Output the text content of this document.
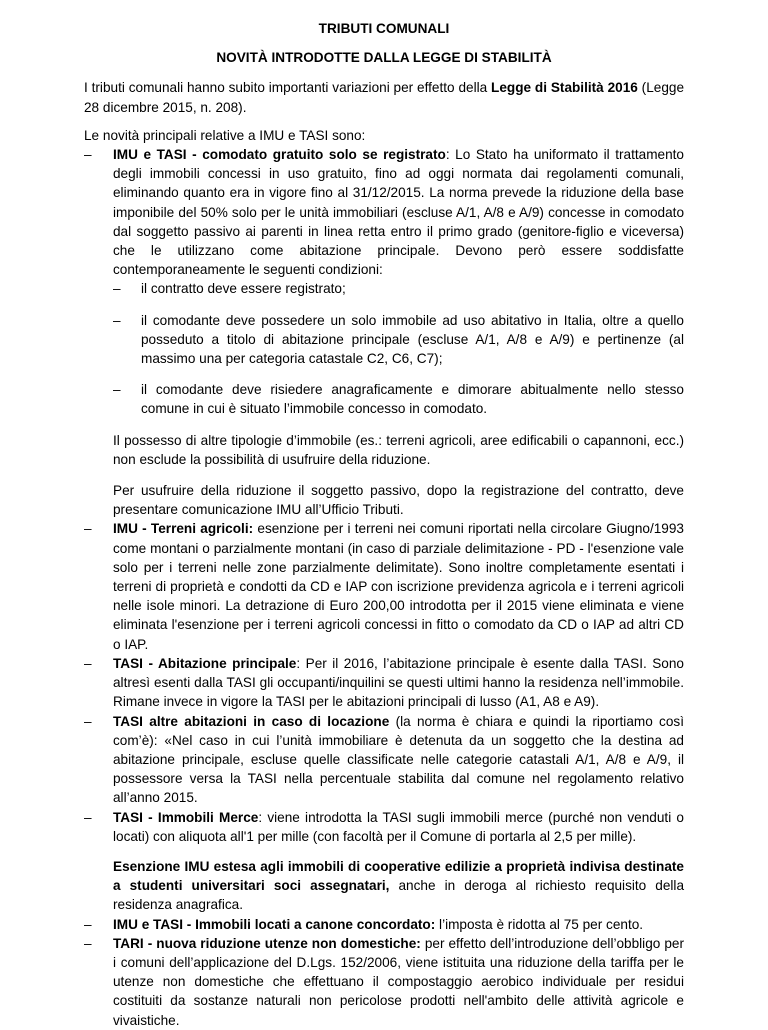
TRIBUTI COMUNALI

NOVITÀ INTRODOTTE DALLA LEGGE DI STABILITÀ

I tributi comunali hanno subito importanti variazioni per effetto della Legge di Stabilità 2016 (Legge 28 dicembre 2015, n. 208).

Le novità principali relative a IMU e TASI sono:

– IMU e TASI - comodato gratuito solo se registrato: Lo Stato ha uniformato il trattamento degli immobili concessi in uso gratuito, fino ad oggi normata dai regolamenti comunali, eliminando quanto era in vigore fino al 31/12/2015. La norma prevede la riduzione della base imponibile del 50% solo per le unità immobiliari (escluse A/1, A/8 e A/9) concesse in comodato dal soggetto passivo ai parenti in linea retta entro il primo grado (genitore-figlio e viceversa) che le utilizzano come abitazione principale. Devono però essere soddisfatte contemporaneamente le seguenti condizioni:
– il contratto deve essere registrato;
– il comodante deve possedere un solo immobile ad uso abitativo in Italia, oltre a quello posseduto a titolo di abitazione principale (escluse A/1, A/8 e A/9) e pertinenze (al massimo una per categoria catastale C2, C6, C7);
– il comodante deve risiedere anagraficamente e dimorare abitualmente nello stesso comune in cui è situato l’immobile concesso in comodato.

Il possesso di altre tipologie d’immobile (es.: terreni agricoli, aree edificabili o capannoni, ecc.) non esclude la possibilità di usufruire della riduzione.

Per usufruire della riduzione il soggetto passivo, dopo la registrazione del contratto, deve presentare comunicazione IMU all’Ufficio Tributi.

– IMU - Terreni agricoli: esenzione per i terreni nei comuni riportati nella circolare Giugno/1993 come montani o parzialmente montani (in caso di parziale delimitazione - PD - l'esenzione vale solo per i terreni nelle zone parzialmente delimitate). Sono inoltre completamente esentati i terreni di proprietà e condotti da CD e IAP con iscrizione previdenza agricola e i terreni agricoli nelle isole minori. La detrazione di Euro 200,00 introdotta per il 2015 viene eliminata e viene eliminata l'esenzione per i terreni agricoli concessi in fitto o comodato da CD o IAP ad altri CD o IAP.
– TASI - Abitazione principale: Per il 2016, l’abitazione principale è esente dalla TASI. Sono altresì esenti dalla TASI gli occupanti/inquilini se questi ultimi hanno la residenza nell’immobile. Rimane invece in vigore la TASI per le abitazioni principali di lusso (A1, A8 e A9).
– TASI altre abitazioni in caso di locazione (la norma è chiara e quindi la riportiamo così com’è): «Nel caso in cui l’unità immobiliare è detenuta da un soggetto che la destina ad abitazione principale, escluse quelle classificate nelle categorie catastali A/1, A/8 e A/9, il possessore versa la TASI nella percentuale stabilita dal comune nel regolamento relativo all’anno 2015.
– TASI - Immobili Merce: viene introdotta la TASI sugli immobili merce (purché non venduti o locati) con aliquota all'1 per mille (con facoltà per il Comune di portarla al 2,5 per mille).

Esenzione IMU estesa agli immobili di cooperative edilizie a proprietà indivisa destinate a studenti universitari soci assegnatari, anche in deroga al richiesto requisito della residenza anagrafica.

– IMU e TASI - Immobili locati a canone concordato: l’imposta è ridotta al 75 per cento.
– TARI - nuova riduzione utenze non domestiche: per effetto dell’introduzione dell’obbligo per i comuni dell’applicazione del D.Lgs. 152/2006, viene istituita una riduzione della tariffa per le utenze non domestiche che effettuano il compostaggio aerobico individuale per residui costituiti da sostanze naturali non pericolose prodotti nell'ambito delle attività agricole e vivaistiche.
